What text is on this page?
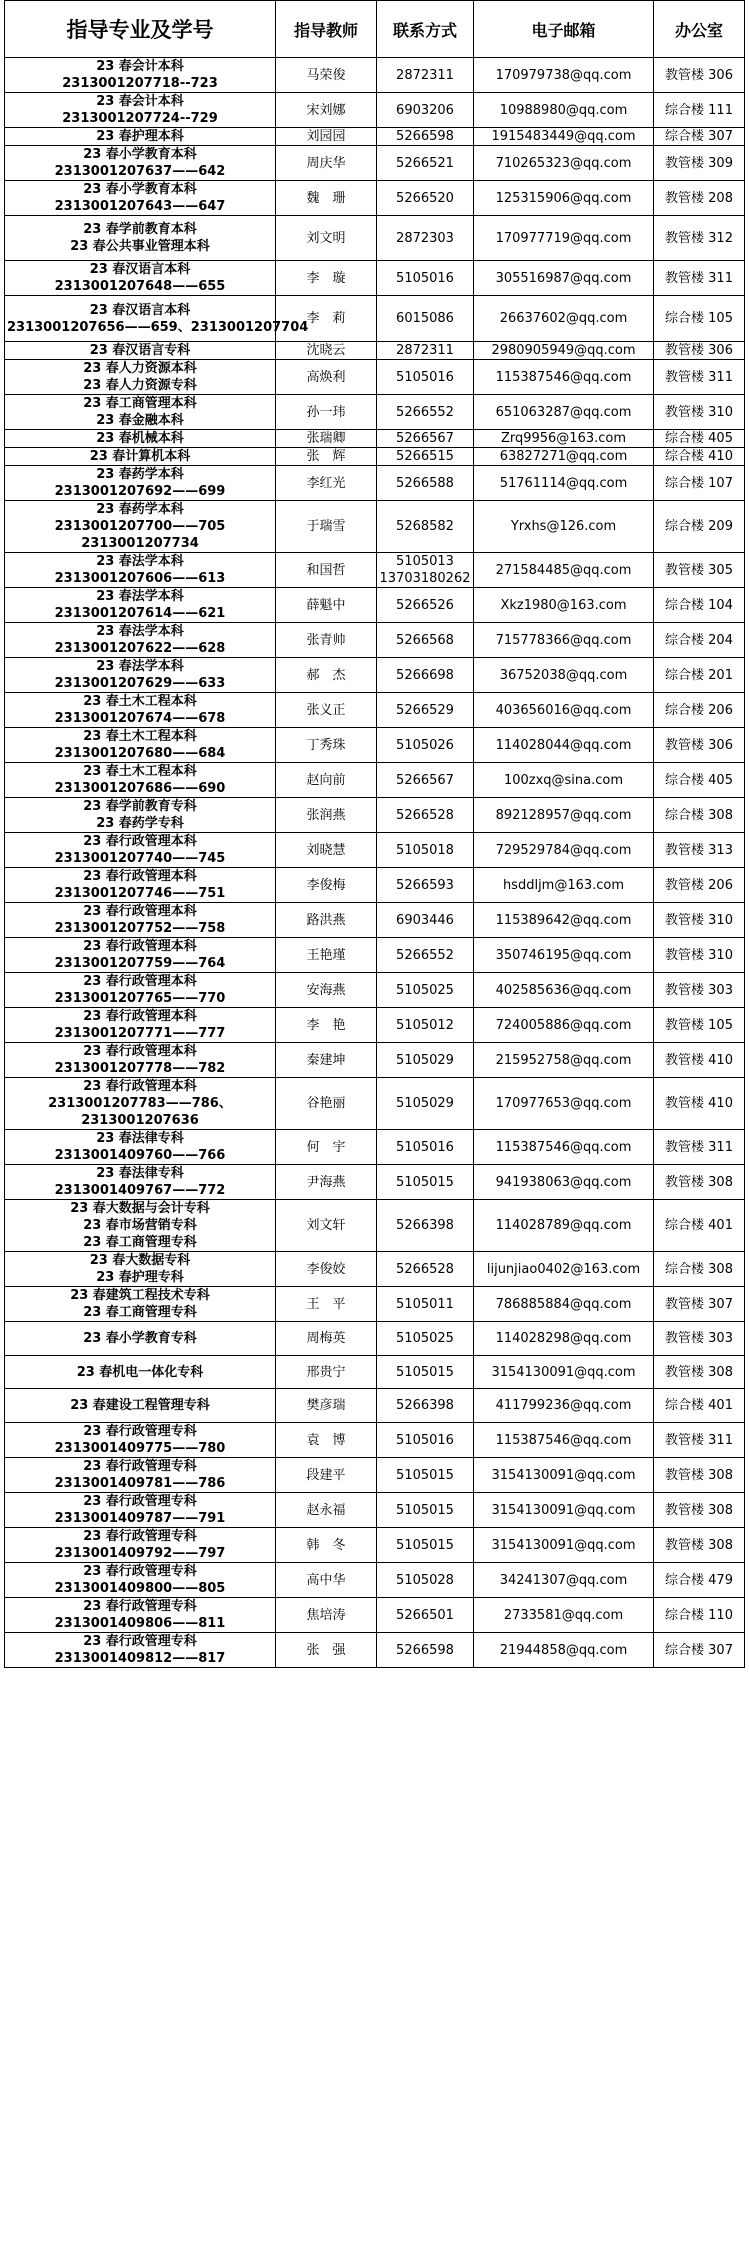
指导专业及学号	指导教师	联系方式	电子邮箱	办公室

23 春会计本科
2313001207718--723	马荣俊	2872311	170979738@qq.com	教管楼 306

23 春会计本科
2313001207724--729	宋刘娜	6903206	10988980@qq.com	综合楼 111

23 春护理本科	刘园园	5266598	1915483449@qq.com	综合楼 307

23 春小学教育本科
2313001207637——642	周庆华	5266521	710265323@qq.com	教管楼 309

23 春小学教育本科
2313001207643——647	魏　珊	5266520	125315906@qq.com	教管楼 208

23 春学前教育本科
23 春公共事业管理本科	刘文明	2872303	170977719@qq.com	教管楼 312

23 春汉语言本科
2313001207648——655	李　璇	5105016	305516987@qq.com	教管楼 311

23 春汉语言本科
2313001207656——659、2313001207704	李　莉	6015086	26637602@qq.com	综合楼 105

23 春汉语言专科	沈晓云	2872311	2980905949@qq.com	教管楼 306

23 春人力资源本科
23 春人力资源专科	高焕利	5105016	115387546@qq.com	教管楼 311

23 春工商管理本科
23 春金融本科	孙一玮	5266552	651063287@qq.com	教管楼 310

23 春机械本科	张瑞卿	5266567	Zrq9956@163.com	综合楼 405

23 春计算机本科	张　辉	5266515	63827271@qq.com	综合楼 410

23 春药学本科
2313001207692——699	李红光	5266588	51761114@qq.com	综合楼 107

23 春药学本科
2313001207700——705
2313001207734	于瑞雪	5268582	Yrxhs@126.com	综合楼 209

23 春法学本科
2313001207606——613	和国哲	5105013
13703180262	271584485@qq.com	教管楼 305

23 春法学本科
2313001207614——621	薛魁中	5266526	Xkz1980@163.com	综合楼 104

23 春法学本科
2313001207622——628	张青帅	5266568	715778366@qq.com	综合楼 204

23 春法学本科
2313001207629——633	郝　杰	5266698	36752038@qq.com	综合楼 201

23 春土木工程本科
2313001207674——678	张义正	5266529	403656016@qq.com	综合楼 206

23 春土木工程本科
2313001207680——684	丁秀珠	5105026	114028044@qq.com	教管楼 306

23 春土木工程本科
2313001207686——690	赵向前	5266567	100zxq@sina.com	综合楼 405

23 春学前教育专科
23 春药学专科	张润燕	5266528	892128957@qq.com	综合楼 308

23 春行政管理本科
2313001207740——745	刘晓慧	5105018	729529784@qq.com	教管楼 313

23 春行政管理本科
2313001207746——751	李俊梅	5266593	hsddljm@163.com	教管楼 206

23 春行政管理本科
2313001207752——758	路洪燕	6903446	115389642@qq.com	教管楼 310

23 春行政管理本科
2313001207759——764	王艳瑾	5266552	350746195@qq.com	教管楼 310

23 春行政管理本科
2313001207765——770	安海燕	5105025	402585636@qq.com	教管楼 303

23 春行政管理本科
2313001207771——777	李　艳	5105012	724005886@qq.com	教管楼 105

23 春行政管理本科
2313001207778——782	秦建坤	5105029	215952758@qq.com	教管楼 410

23 春行政管理本科
2313001207783——786、
2313001207636	谷艳丽	5105029	170977653@qq.com	教管楼 410

23 春法律专科
2313001409760——766	何　宇	5105016	115387546@qq.com	教管楼 311

23 春法律专科
2313001409767——772	尹海燕	5105015	941938063@qq.com	教管楼 308

23 春大数据与会计专科
23 春市场营销专科
23 春工商管理专科	刘文轩	5266398	114028789@qq.com	综合楼 401

23 春大数据专科
23 春护理专科	李俊姣	5266528	lijunjiao0402@163.com	综合楼 308

23 春建筑工程技术专科
23 春工商管理专科	王　平	5105011	786885884@qq.com	教管楼 307

23 春小学教育专科	周梅英	5105025	114028298@qq.com	教管楼 303

23 春机电一体化专科	邢贵宁	5105015	3154130091@qq.com	教管楼 308

23 春建设工程管理专科	樊彦瑞	5266398	411799236@qq.com	综合楼 401

23 春行政管理专科
2313001409775——780	袁　博	5105016	115387546@qq.com	教管楼 311

23 春行政管理专科
2313001409781——786	段建平	5105015	3154130091@qq.com	教管楼 308

23 春行政管理专科
2313001409787——791	赵永福	5105015	3154130091@qq.com	教管楼 308

23 春行政管理专科
2313001409792——797	韩　冬	5105015	3154130091@qq.com	教管楼 308

23 春行政管理专科
2313001409800——805	高中华	5105028	34241307@qq.com	综合楼 479

23 春行政管理专科
2313001409806——811	焦培涛	5266501	2733581@qq.com	综合楼 110

23 春行政管理专科
2313001409812——817	张　强	5266598	21944858@qq.com	综合楼 307
